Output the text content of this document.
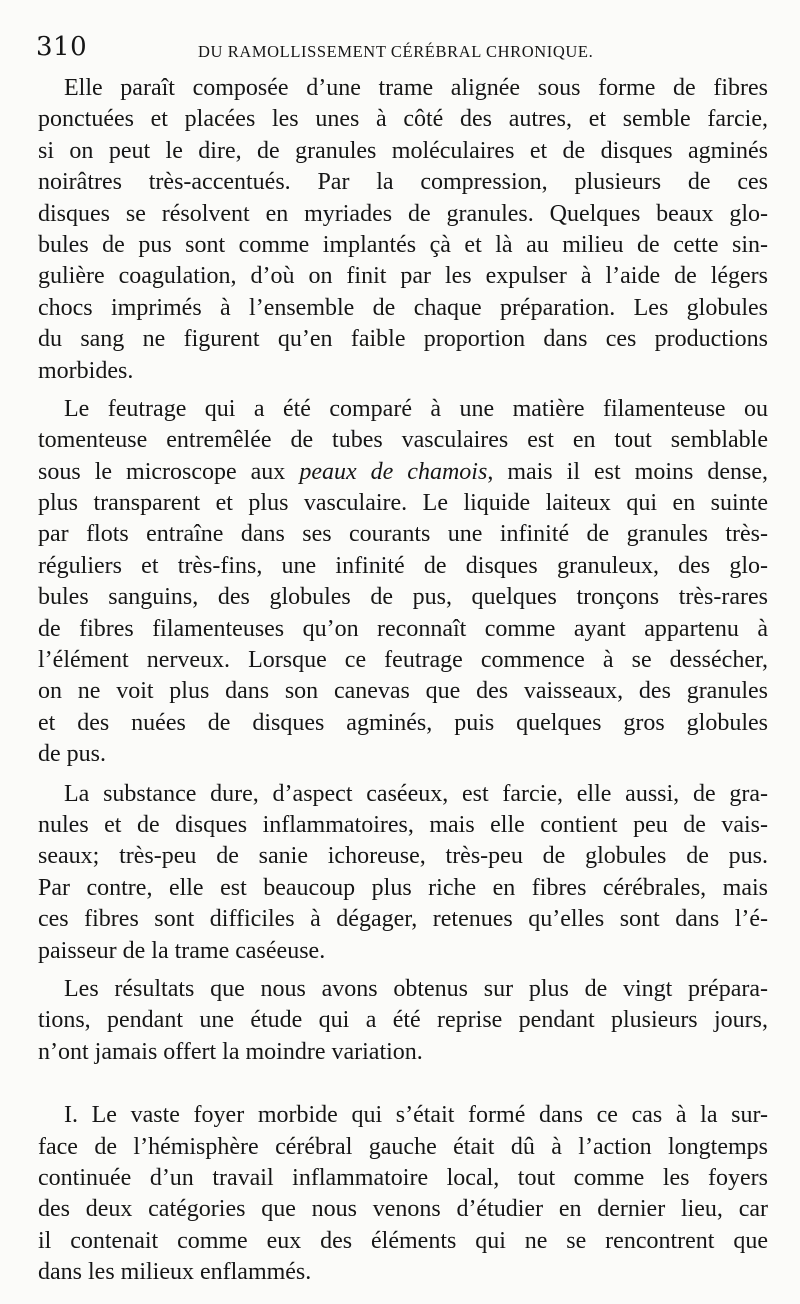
310	DU RAMOLLISSEMENT CÉRÉBRAL CHRONIQUE.
Elle paraît composée d’une trame alignée sous forme de fibres
ponctuées et placées les unes à côté des autres, et semble farcie,
si on peut le dire, de granules moléculaires et de disques agminés
noirâtres très-accentués. Par la compression, plusieurs de ces
disques se résolvent en myriades de granules. Quelques beaux glo-
bules de pus sont comme implantés çà et là au milieu de cette sin-
gulière coagulation, d’où on finit par les expulser à l’aide de légers
chocs imprimés à l’ensemble de chaque préparation. Les globules
du sang ne figurent qu’en faible proportion dans ces productions
morbides.
Le feutrage qui a été comparé à une matière filamenteuse ou
tomenteuse entremêlée de tubes vasculaires est en tout semblable
sous le microscope aux peaux de chamois, mais il est moins dense,
plus transparent et plus vasculaire. Le liquide laiteux qui en suinte
par flots entraîne dans ses courants une infinité de granules très-
réguliers et très-fins, une infinité de disques granuleux, des glo-
bules sanguins, des globules de pus, quelques tronçons très-rares
de fibres filamenteuses qu’on reconnaît comme ayant appartenu à
l’élément nerveux. Lorsque ce feutrage commence à se dessécher,
on ne voit plus dans son canevas que des vaisseaux, des granules
et des nuées de disques agminés, puis quelques gros globules
de pus.
La substance dure, d’aspect caséeux, est farcie, elle aussi, de gra-
nules et de disques inflammatoires, mais elle contient peu de vais-
seaux; très-peu de sanie ichoreuse, très-peu de globules de pus.
Par contre, elle est beaucoup plus riche en fibres cérébrales, mais
ces fibres sont difficiles à dégager, retenues qu’elles sont dans l’é-
paisseur de la trame caséeuse.
Les résultats que nous avons obtenus sur plus de vingt prépara-
tions, pendant une étude qui a été reprise pendant plusieurs jours,
n’ont jamais offert la moindre variation.
I. Le vaste foyer morbide qui s’était formé dans ce cas à la sur-
face de l’hémisphère cérébral gauche était dû à l’action longtemps
continuée d’un travail inflammatoire local, tout comme les foyers
des deux catégories que nous venons d’étudier en dernier lieu, car
il contenait comme eux des éléments qui ne se rencontrent que
dans les milieux enflammés.
